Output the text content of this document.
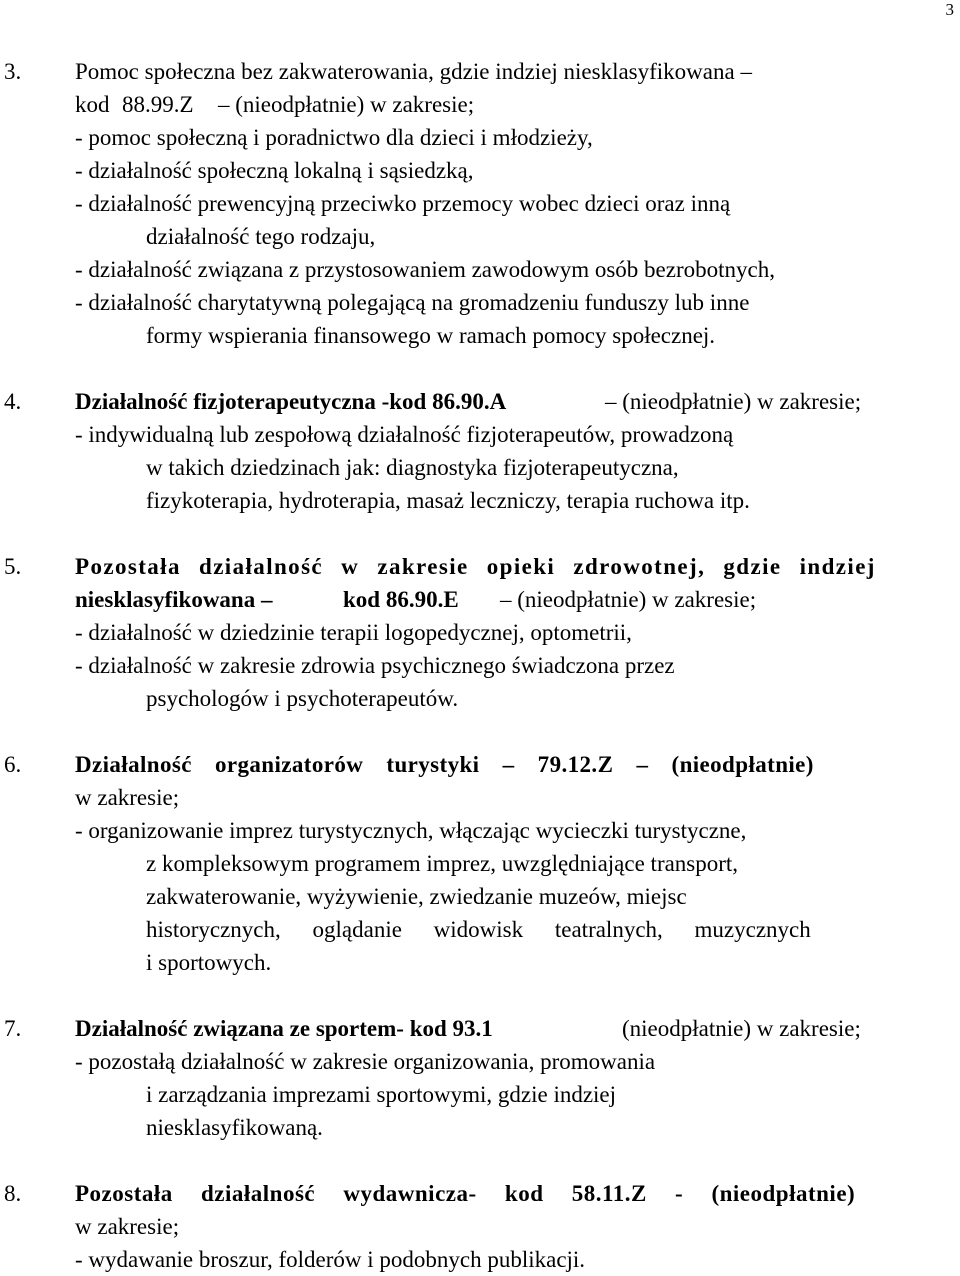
3
3. Pomoc społeczna bez zakwaterowania, gdzie indziej niesklasyfikowana –
kod 88.99.Z – (nieodpłatnie) w zakresie;
- pomoc społeczną i poradnictwo dla dzieci i młodzieży,
- działalność społeczną lokalną i sąsiedzką,
- działalność prewencyjną przeciwko przemocy wobec dzieci oraz inną
działalność tego rodzaju,
- działalność związana z przystosowaniem zawodowym osób bezrobotnych,
- działalność charytatywną polegającą na gromadzeniu funduszy lub inne
formy wspierania finansowego w ramach pomocy społecznej.
4. Działalność fizjoterapeutyczna -kod 86.90.A	– (nieodpłatnie) w zakresie;
- indywidualną lub zespołową działalność fizjoterapeutów, prowadzoną
w takich dziedzinach jak: diagnostyka fizjoterapeutyczna,
fizykoterapia, hydroterapia, masaż leczniczy, terapia ruchowa itp.
5. Pozostała działalność w zakresie opieki zdrowotnej, gdzie indziej
niesklasyfikowana –	kod 86.90.E – (nieodpłatnie) w zakresie;
- działalność w dziedzinie terapii logopedycznej, optometrii,
- działalność w zakresie zdrowia psychicznego świadczona przez
psychologów i psychoterapeutów.
6. Działalność organizatorów turystyki – 79.12.Z – (nieodpłatnie)
w zakresie;
- organizowanie imprez turystycznych, włączając wycieczki turystyczne,
z kompleksowym programem imprez, uwzględniające transport,
zakwaterowanie, wyżywienie, zwiedzanie muzeów, miejsc
historycznych, oglądanie widowisk teatralnych, muzycznych
i sportowych.
7. Działalność związana ze sportem- kod 93.1	(nieodpłatnie) w zakresie;
- pozostałą działalność w zakresie organizowania, promowania
i zarządzania imprezami sportowymi, gdzie indziej
niesklasyfikowaną.
8. Pozostała działalność wydawnicza- kod 58.11.Z - (nieodpłatnie)
w zakresie;
- wydawanie broszur, folderów i podobnych publikacji.
